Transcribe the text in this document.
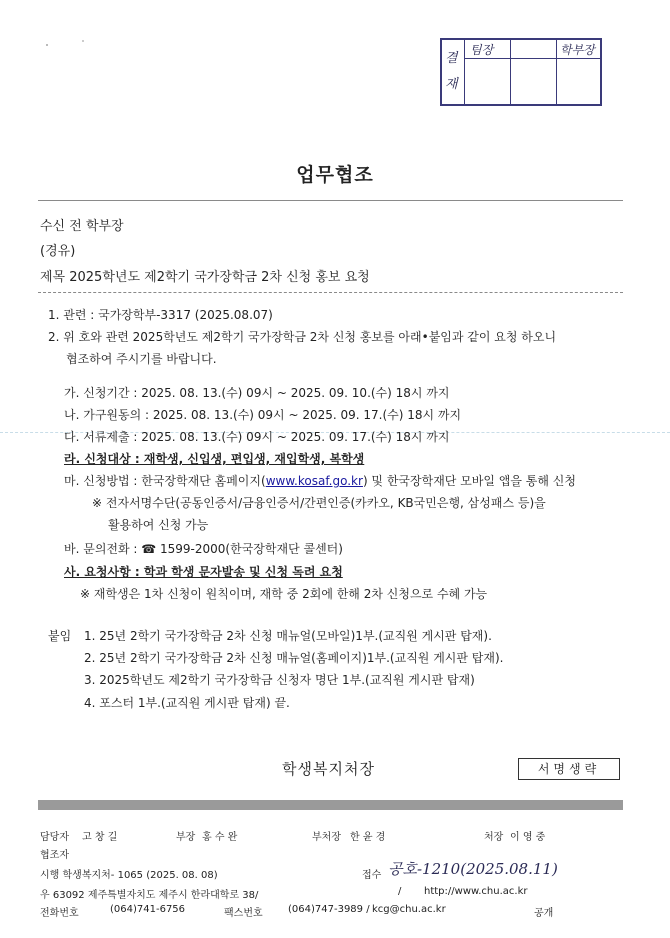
결재
팀장	학부장
업무협조
수신 전 학부장
(경유)
제목 2025학년도 제2학기 국가장학금 2차 신청 홍보 요청
1. 관련 : 국가장학부-3317 (2025.08.07)
2. 위 호와 관련 2025학년도 제2학기 국가장학금 2차 신청 홍보를 아래•붙임과 같이 요청 하오니
협조하여 주시기를 바랍니다.
가. 신청기간 : 2025. 08. 13.(수) 09시 ~ 2025. 09. 10.(수) 18시 까지
나. 가구원동의 : 2025. 08. 13.(수) 09시 ~ 2025. 09. 17.(수) 18시 까지
다. 서류제출 : 2025. 08. 13.(수) 09시 ~ 2025. 09. 17.(수) 18시 까지
라. 신청대상 : 재학생, 신입생, 편입생, 재입학생, 복학생
마. 신청방법 : 한국장학재단 홈페이지(www.kosaf.go.kr) 및 한국장학재단 모바일 앱을 통해 신청
※ 전자서명수단(공동인증서/금융인증서/간편인증(카카오, KB국민은행, 삼성패스 등)을
활용하여 신청 가능
바. 문의전화 : ☎ 1599-2000(한국장학재단 콜센터)
사. 요청사항 : 학과 학생 문자발송 및 신청 독려 요청
※ 재학생은 1차 신청이 원칙이며, 재학 중 2회에 한해 2차 신청으로 수혜 가능
붙임 1. 25년 2학기 국가장학금 2차 신청 매뉴얼(모바일)1부.(교직원 게시판 탑재).
2. 25년 2학기 국가장학금 2차 신청 매뉴얼(홈페이지)1부.(교직원 게시판 탑재).
3. 2025학년도 제2학기 국가장학금 신청자 명단 1부.(교직원 게시판 탑재)
4. 포스터 1부.(교직원 게시판 탑재) 끝.
학생복지처장	서명생략
담당자 고 창 길	부장 홍 수 완	부처장 한 윤 경	처장 이 영 중
협조자
시행 학생복지처- 1065 (2025. 08. 08)	접수 공호-1210(2025.08.11)
우 63092 제주특별자치도 제주시 한라대학로 38/	/ http://www.chu.ac.kr
전화번호	(064)741-6756	팩스번호	(064)747-3989 / kcg@chu.ac.kr	공개
